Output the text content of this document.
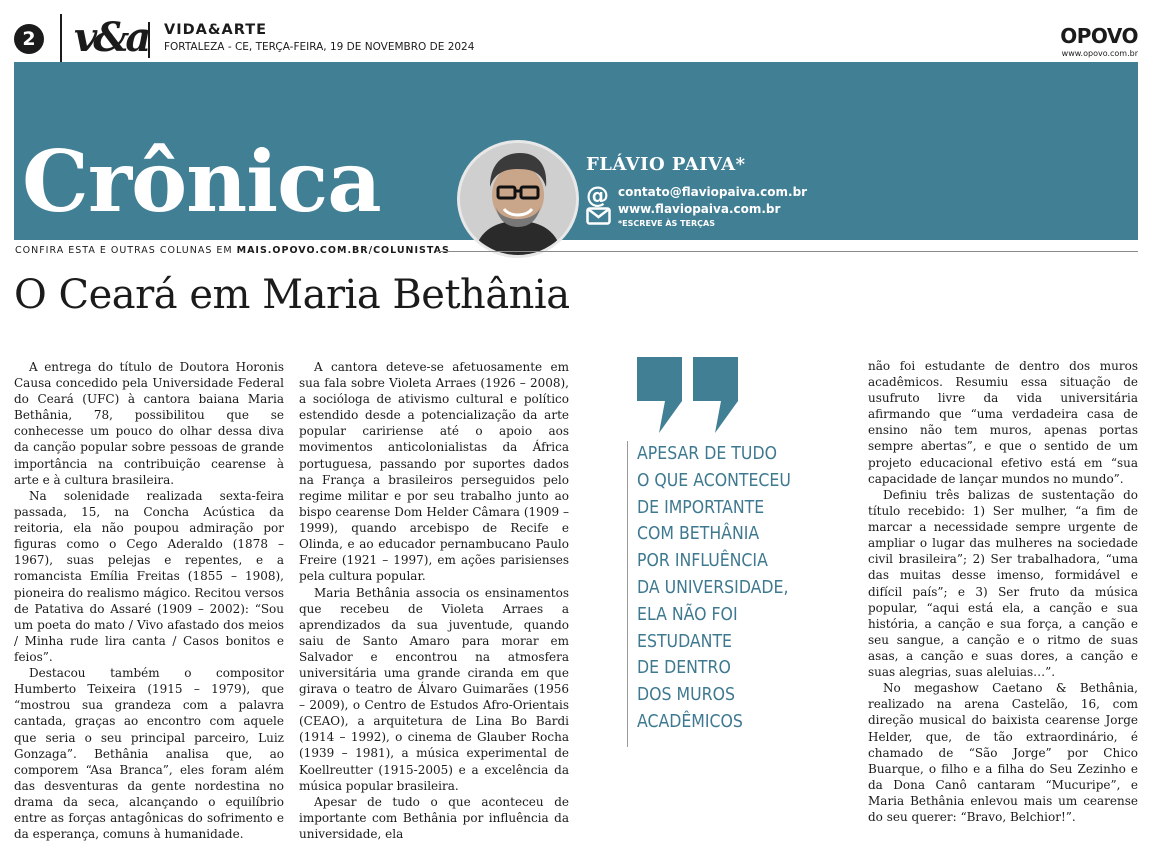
2 v&a VIDA&ARTE
FORTALEZA - CE, TERÇA-FEIRA, 19 DE NOVEMBRO DE 2024	OPOVO
www.opovo.com.br
Crônica	FLÁVIO PAIVA*
@ contato@flaviopaiva.com.br
www.flaviopaiva.com.br
*ESCREVE ÀS TERÇAS
CONFIRA ESTA E OUTRAS COLUNAS EM MAIS.OPOVO.COM.BR/COLUNISTAS
O Ceará em Maria Bethânia

A entrega do título de Doutora Horonis Causa concedido pela Universidade Federal do Ceará (UFC) à cantora baiana Maria Bethânia, 78, possibilitou que se conhecesse um pouco do olhar dessa diva da canção popular sobre pessoas de grande importância na contribuição cearense à arte e à cultura brasileira.

Na solenidade realizada sexta-feira passada, 15, na Concha Acústica da reitoria, ela não poupou admiração por figuras como o Cego Aderaldo (1878 – 1967), suas pelejas e repentes, e a romancista Emília Freitas (1855 – 1908), pioneira do realismo mágico. Recitou versos de Patativa do Assaré (1909 – 2002): “Sou um poeta do mato / Vivo afastado dos meios / Minha rude lira canta / Casos bonitos e feios”.

Destacou também o compositor Humberto Teixeira (1915 – 1979), que “mostrou sua grandeza com a palavra cantada, graças ao encontro com aquele que seria o seu principal parceiro, Luiz Gonzaga”. Bethânia analisa que, ao comporem “Asa Branca”, eles foram além das desventuras da gente nordestina no drama da seca, alcançando o equilíbrio entre as forças antagônicas do sofrimento e da esperança, comuns à humanidade.

A cantora deteve-se afetuosamente em sua fala sobre Violeta Arraes (1926 – 2008), a socióloga de ativismo cultural e político estendido desde a potencialização da arte popular caririense até o apoio aos movimentos anticolonialistas da África portuguesa, passando por suportes dados na França a brasileiros perseguidos pelo regime militar e por seu trabalho junto ao bispo cearense Dom Helder Câmara (1909 – 1999), quando arcebispo de Recife e Olinda, e ao educador pernambucano Paulo Freire (1921 – 1997), em ações parisienses pela cultura popular.

Maria Bethânia associa os ensinamentos que recebeu de Violeta Arraes a aprendizados da sua juventude, quando saiu de Santo Amaro para morar em Salvador e encontrou na atmosfera universitária uma grande ciranda em que girava o teatro de Álvaro Guimarães (1956 – 2009), o Centro de Estudos Afro-Orientais (CEAO), a arquitetura de Lina Bo Bardi (1914 – 1992), o cinema de Glauber Rocha (1939 – 1981), a música experimental de Koellreutter (1915-2005) e a excelência da música popular brasileira.

Apesar de tudo o que aconteceu de importante com Bethânia por influência da universidade, ela

APESAR DE TUDO
O QUE ACONTECEU
DE IMPORTANTE
COM BETHÂNIA
POR INFLUÊNCIA
DA UNIVERSIDADE,
ELA NÃO FOI
ESTUDANTE
DE DENTRO
DOS MUROS
ACADÊMICOS

não foi estudante de dentro dos muros acadêmicos. Resumiu essa situação de usufruto livre da vida universitária afirmando que “uma verdadeira casa de ensino não tem muros, apenas portas sempre abertas”, e que o sentido de um projeto educacional efetivo está em “sua capacidade de lançar mundos no mundo”.

Definiu três balizas de sustentação do título recebido: 1) Ser mulher, “a fim de marcar a necessidade sempre urgente de ampliar o lugar das mulheres na sociedade civil brasileira”; 2) Ser trabalhadora, “uma das muitas desse imenso, formidável e difícil país”; e 3) Ser fruto da música popular, “aqui está ela, a canção e sua história, a canção e sua força, a canção e seu sangue, a canção e o ritmo de suas asas, a canção e suas dores, a canção e suas alegrias, suas aleluias…”.

No megashow Caetano & Bethânia, realizado na arena Castelão, 16, com direção musical do baixista cearense Jorge Helder, que, de tão extraordinário, é chamado de “São Jorge” por Chico Buarque, o filho e a filha do Seu Zezinho e da Dona Canô cantaram “Mucuripe”, e Maria Bethânia enlevou mais um cearense do seu querer: “Bravo, Belchior!”.
